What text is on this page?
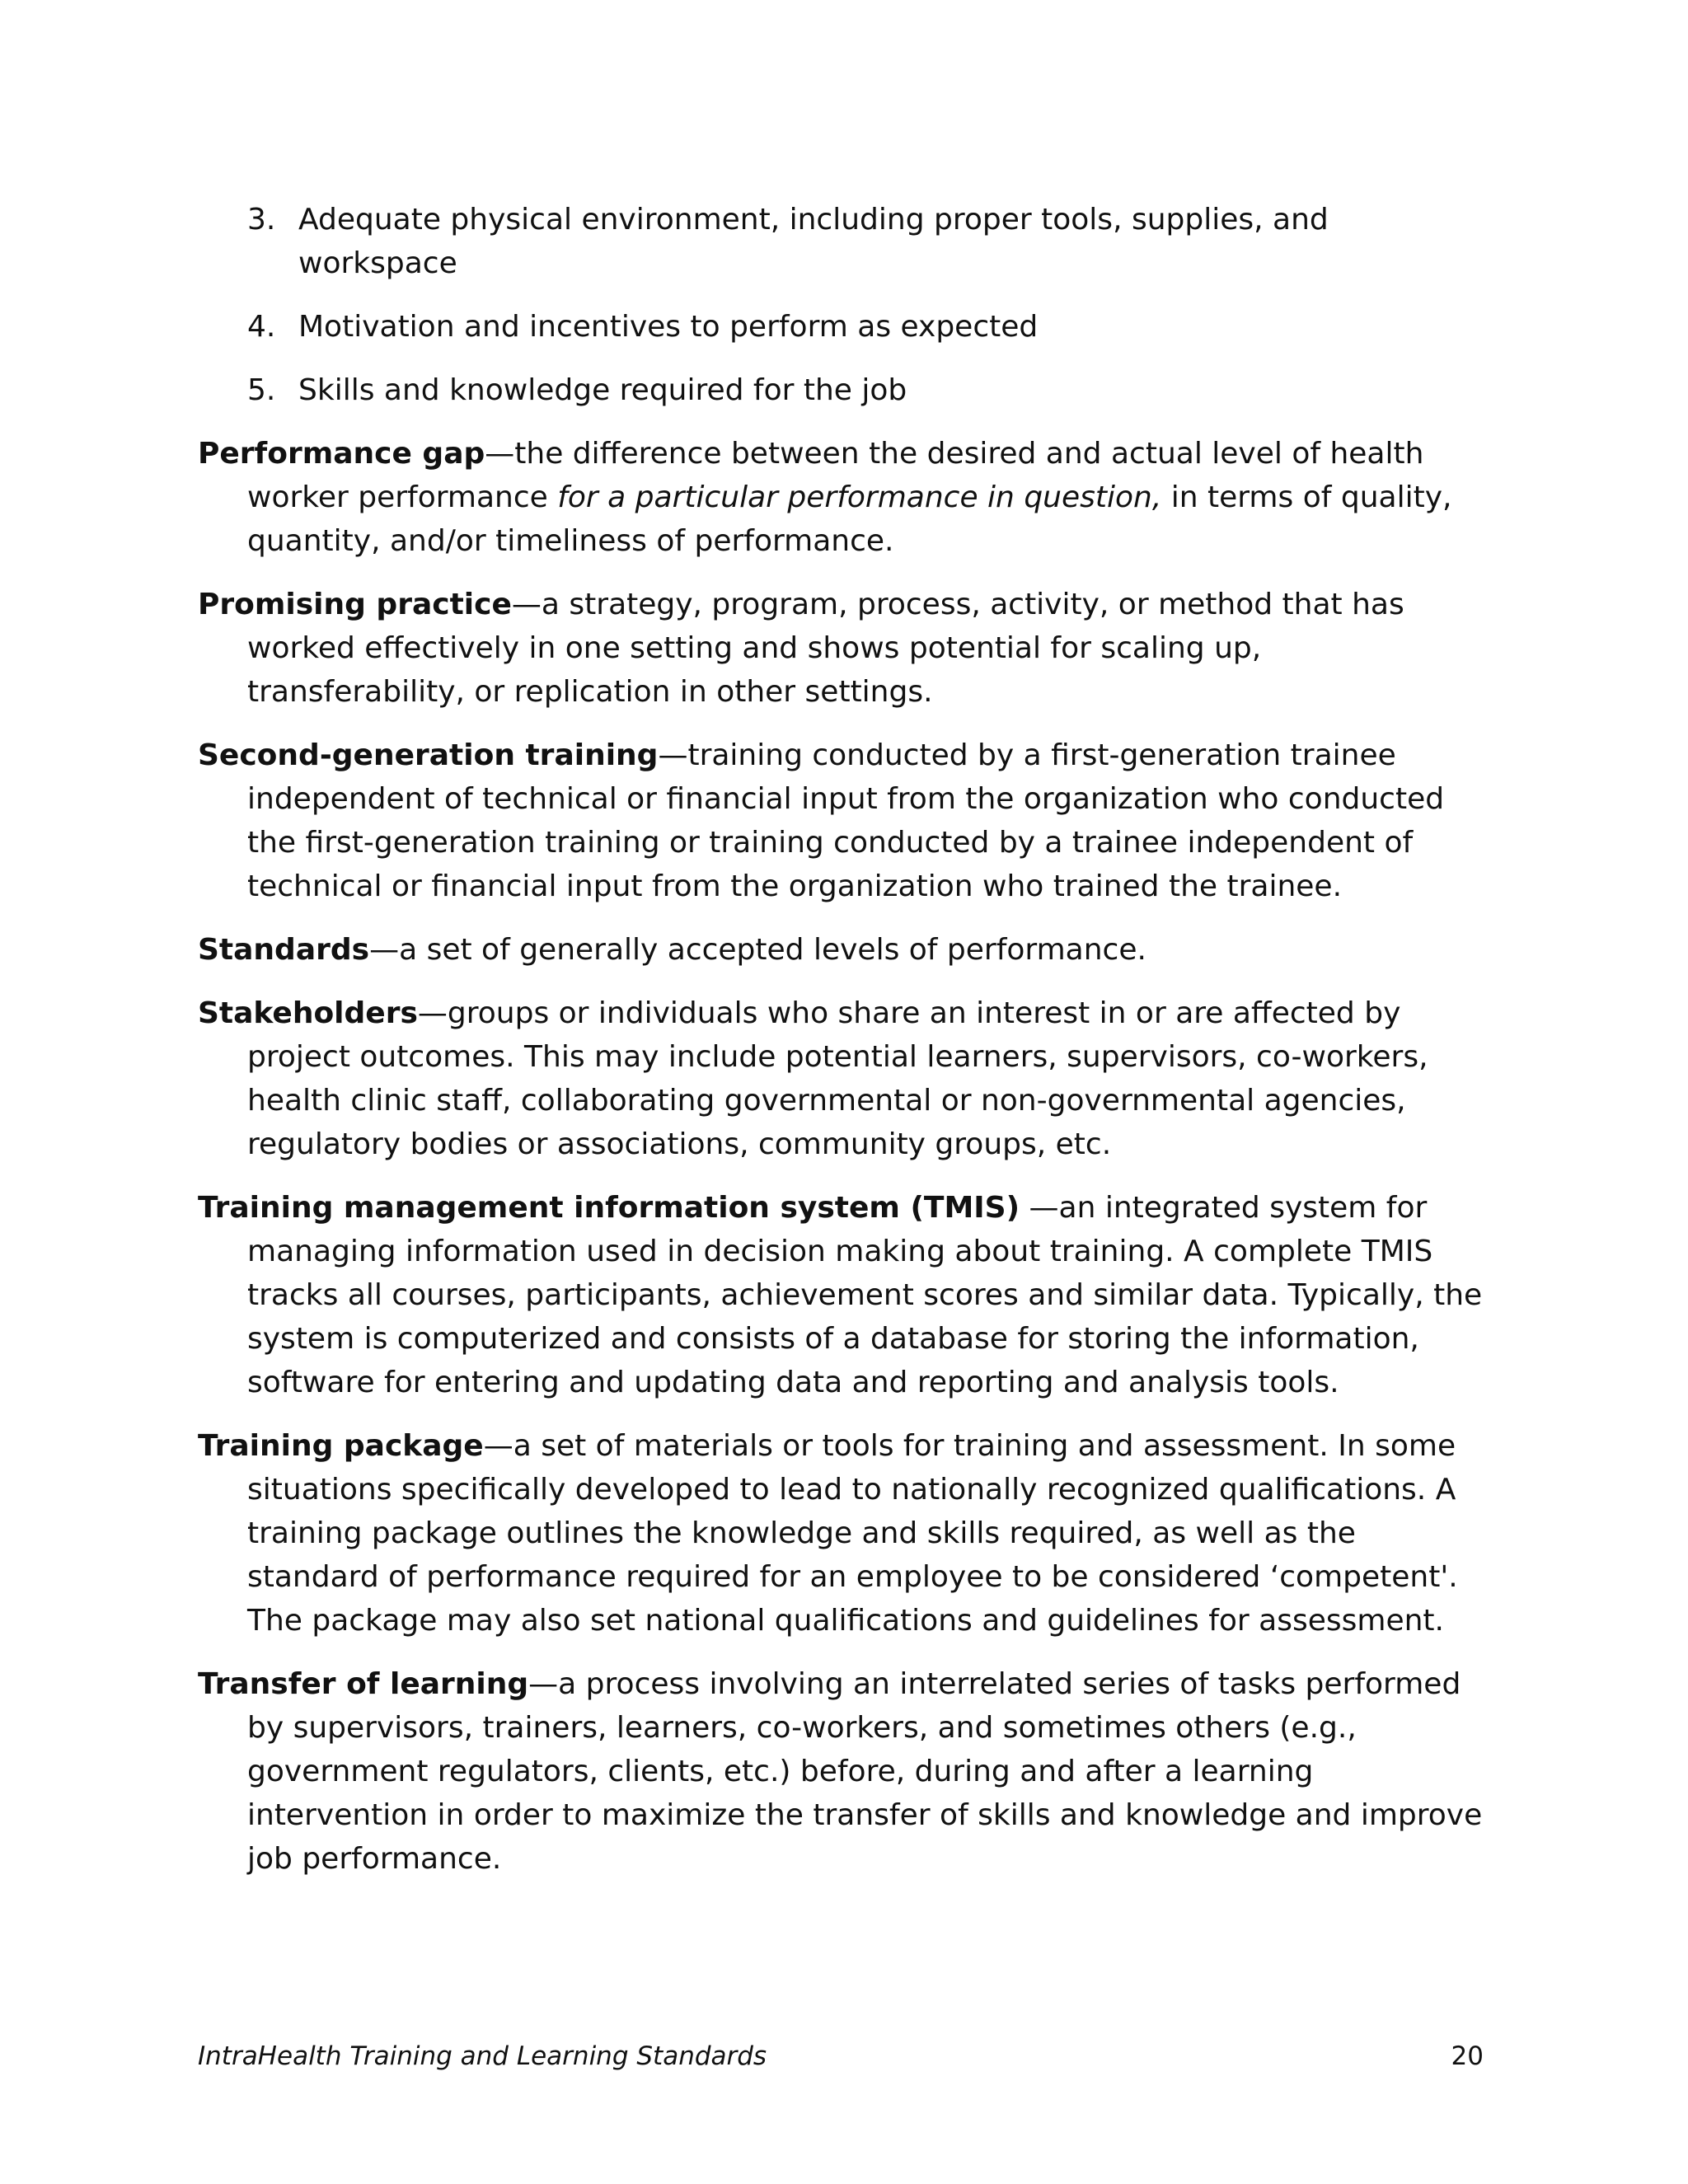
3. Adequate physical environment, including proper tools, supplies, and workspace
4. Motivation and incentives to perform as expected
5. Skills and knowledge required for the job
Performance gap—the difference between the desired and actual level of health worker performance for a particular performance in question, in terms of quality, quantity, and/or timeliness of performance.
Promising practice—a strategy, program, process, activity, or method that has worked effectively in one setting and shows potential for scaling up, transferability, or replication in other settings.
Second-generation training—training conducted by a first-generation trainee independent of technical or financial input from the organization who conducted the first-generation training or training conducted by a trainee independent of technical or financial input from the organization who trained the trainee.
Standards—a set of generally accepted levels of performance.
Stakeholders—groups or individuals who share an interest in or are affected by project outcomes. This may include potential learners, supervisors, co-workers, health clinic staff, collaborating governmental or non-governmental agencies, regulatory bodies or associations, community groups, etc.
Training management information system (TMIS) —an integrated system for managing information used in decision making about training. A complete TMIS tracks all courses, participants, achievement scores and similar data. Typically, the system is computerized and consists of a database for storing the information, software for entering and updating data and reporting and analysis tools.
Training package—a set of materials or tools for training and assessment. In some situations specifically developed to lead to nationally recognized qualifications. A training package outlines the knowledge and skills required, as well as the standard of performance required for an employee to be considered ‘competent'. The package may also set national qualifications and guidelines for assessment.
Transfer of learning—a process involving an interrelated series of tasks performed by supervisors, trainers, learners, co-workers, and sometimes others (e.g., government regulators, clients, etc.) before, during and after a learning intervention in order to maximize the transfer of skills and knowledge and improve job performance.
IntraHealth Training and Learning Standards	20
